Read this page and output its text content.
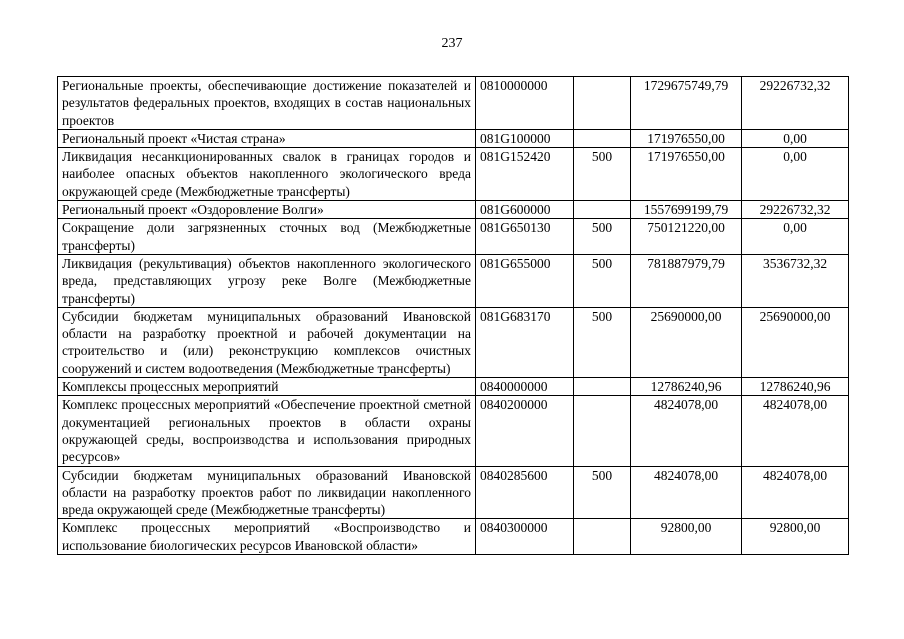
237
Региональные проекты, обеспечивающие достижение показателей и результатов федеральных проектов, входящих в состав национальных проектов	0810000000		1729675749,79	29226732,32
Региональный проект «Чистая страна»	081G100000		171976550,00	0,00
Ликвидация несанкционированных свалок в границах городов и наиболее опасных объектов накопленного экологического вреда окружающей среде (Межбюджетные трансферты)	081G152420	500	171976550,00	0,00
Региональный проект «Оздоровление Волги»	081G600000		1557699199,79	29226732,32
Сокращение доли загрязненных сточных вод (Межбюджетные трансферты)	081G650130	500	750121220,00	0,00
Ликвидация (рекультивация) объектов накопленного экологического вреда, представляющих угрозу реке Волге (Межбюджетные трансферты)	081G655000	500	781887979,79	3536732,32
Субсидии бюджетам муниципальных образований Ивановской области на разработку проектной и рабочей документации на строительство и (или) реконструкцию комплексов очистных сооружений и систем водоотведения (Межбюджетные трансферты)	081G683170	500	25690000,00	25690000,00
Комплексы процессных мероприятий	0840000000		12786240,96	12786240,96
Комплекс процессных мероприятий «Обеспечение проектной сметной документацией региональных проектов в области охраны окружающей среды, воспроизводства и использования природных ресурсов»	0840200000		4824078,00	4824078,00
Субсидии бюджетам муниципальных образований Ивановской области на разработку проектов работ по ликвидации накопленного вреда окружающей среде (Межбюджетные трансферты)	0840285600	500	4824078,00	4824078,00
Комплекс процессных мероприятий «Воспроизводство и использование биологических ресурсов Ивановской области»	0840300000		92800,00	92800,00
